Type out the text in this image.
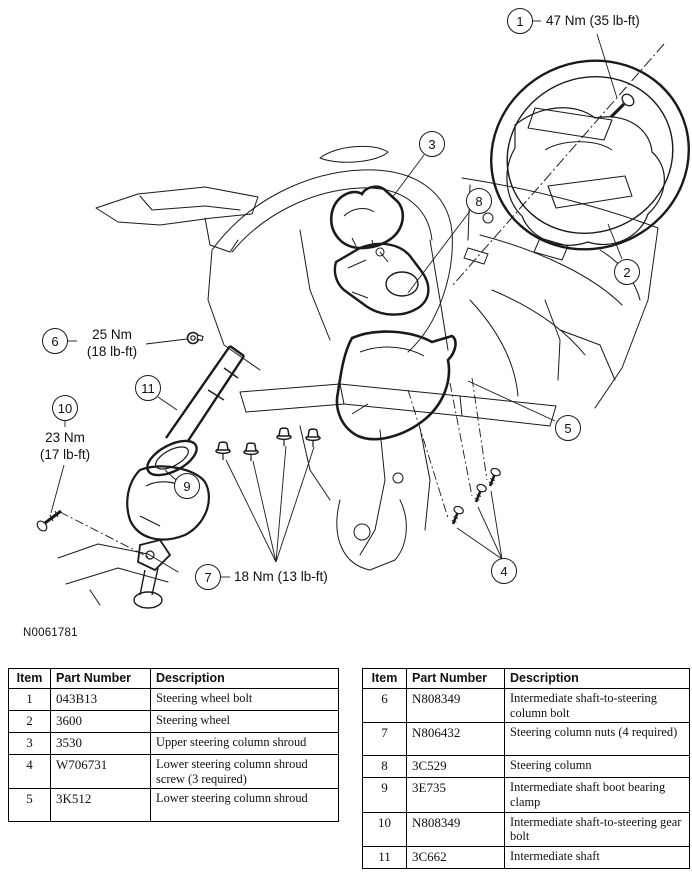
1
2
3
4
5
6
7
8
9
10
11
47 Nm (35 lb-ft)
25 Nm
(18 lb-ft)
23 Nm
(17 lb-ft)
18 Nm (13 lb-ft)
N0061781
Item	Part Number	Description
1	043B13	Steering wheel bolt
2	3600	Steering wheel
3	3530	Upper steering column shroud
4	W706731	Lower steering column shroud screw (3 required)
5	3K512	Lower steering column shroud
Item	Part Number	Description
6	N808349	Intermediate shaft-to-steering column bolt
7	N806432	Steering column nuts (4 required)
8	3C529	Steering column
9	3E735	Intermediate shaft boot bearing clamp
10	N808349	Intermediate shaft-to-steering gear bolt
11	3C662	Intermediate shaft
